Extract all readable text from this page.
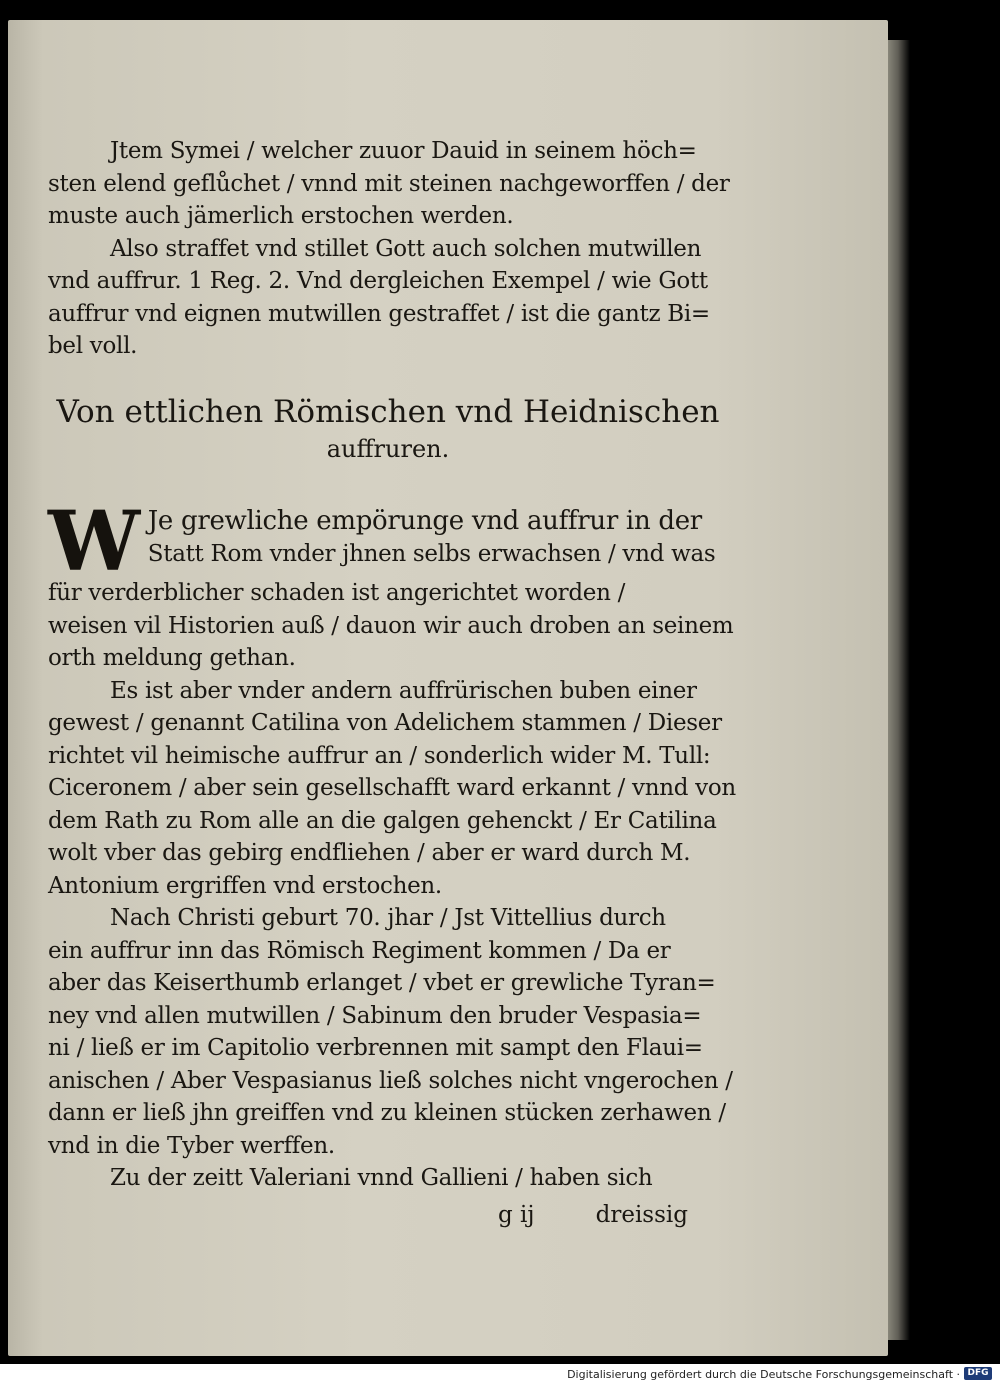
Jtem Symei / welcher zuuor Dauid in seinem höch=
sten elend geflůchet / vnnd mit steinen nachgeworffen / der
muste auch jämerlich erstochen werden.

Also straffet vnd stillet Gott auch solchen mutwillen
vnd auffrur. 1 Reg. 2. Vnd dergleichen Exempel / wie Gott
auffrur vnd eignen mutwillen gestraffet / ist die gantz Bi=
bel voll.

Von ettlichen Römischen vnd Heidnischen
auffruren.

W Je grewliche empörunge vnd auffrur in der
Statt Rom vnder jhnen selbs erwachsen / vnd was
für verderblicher schaden ist angerichtet worden /
weisen vil Historien auß / dauon wir auch droben an seinem
orth meldung gethan.

Es ist aber vnder andern auffrürischen buben einer
gewest / genannt Catilina von Adelichem stammen / Dieser
richtet vil heimische auffrur an / sonderlich wider M. Tull:
Ciceronem / aber sein gesellschafft ward erkannt / vnnd von
dem Rath zu Rom alle an die galgen gehenckt / Er Catilina
wolt vber das gebirg endfliehen / aber er ward durch M.
Antonium ergriffen vnd erstochen.

Nach Christi geburt 70. jhar / Jst Vittellius durch
ein auffrur inn das Römisch Regiment kommen / Da er
aber das Keiserthumb erlanget / vbet er grewliche Tyran=
ney vnd allen mutwillen / Sabinum den bruder Vespasia=
ni / ließ er im Capitolio verbrennen mit sampt den Flaui=
anischen / Aber Vespasianus ließ solches nicht vngerochen /
dann er ließ jhn greiffen vnd zu kleinen stücken zerhawen /
vnd in die Tyber werffen.

Zu der zeitt Valeriani vnnd Gallieni / haben sich

g ij	dreissig
Digitalisierung gefördert durch die Deutsche Forschungsgemeinschaft · DFG
